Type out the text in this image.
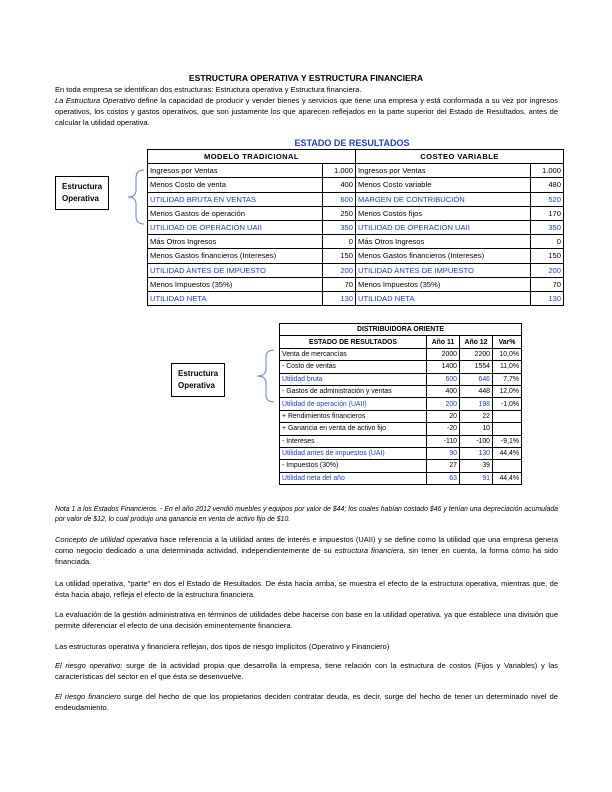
ESTRUCTURA OPERATIVA Y ESTRUCTURA FINANCIERA
En toda empresa se identifican dos estructuras: Estructura operativa y Estructura financiera.
La Estructura Operativo define la capacidad de producir y vender bienes y servicios que tiene una empresa y está conformada a su vez por ingresos operativos, los costos y gastos operativos, que son justamente los que aparecen reflejados en la parte superior del Estado de Resultados, antes de calcular la utilidad operativa.
ESTADO DE RESULTADOS
MODELO TRADICIONAL		COSTEO VARIABLE	
Ingresos por Ventas	1.000	Ingresos por Ventas	1.000
Menos Costo de venta	400	Menos Costo variable	480
UTILIDAD BRUTA EN VENTAS	600	MARGEN DE CONTRIBUCIÓN	520
Menos Gastos de operación	250	Menos Costos fijos	170
UTILIDAD DE OPERACIÓN UAII	350	UTILIDAD DE OPERACIÓN UAII	350
Más Otros Ingresos	0	Más Otros Ingresos	0
Menos Gastos financieros (Intereses)	150	Menos Gastos financieros (Intereses)	150
UTILIDAD ANTES DE IMPUESTO	200	UTILIDAD ANTES DE IMPUESTO	200
Menos Impuestos (35%)	70	Menos Impuestos (35%)	70
UTILIDAD NETA	130	UTILIDAD NETA	130
Estructura
Operativa
DISTRIBUIDORA ORIENTE			
ESTADO DE RESULTADOS	Año 11	Año 12	Var%
Venta de mercancías	2000	2200	10,0%
- Costo de ventas	1400	1554	11,0%
Utilidad bruta	600	646	7,7%
- Gastos de administración y ventas	400	448	12,0%
Utilidad de operación (UAII)	200	198	-1,0%
+ Rendimientos financieros	20	22	
+ Ganancia en venta de activo fijo	-20	10	
- Intereses	-110	-100	-9,1%
Utilidad antes de impuestos (UAI)	90	130	44,4%
- Impuestos (30%)	27	39	
Utilidad neta del año	63	91	44,4%
Estructura
Operativa
Nota 1 a los Estados Financieros. - En el año 2012 vendió muebles y equipos por valor de $44; los cuales habían costado $46 y tenían una depreciación acumulada por valor de $12, lo cual produjo una ganancia en venta de activo fijo de $10.
Concepto de utilidad operativa hace referencia a la utilidad antes de interés e impuestos (UAII) y se define como la utilidad que una empresa genera como negocio dedicado a una determinada actividad, independientemente de su estructura financiera, sin tener en cuenta, la forma cómo ha sido financiada.
La utilidad operativa, "parte" en dos el Estado de Resultados. De ésta hacia arriba, se muestra el efecto de la estructura operativa, mientras que, de ésta hacia abajo, refleja el efecto de la estructura financiera.
La evaluación de la gestión administrativa en términos de utilidades debe hacerse con base en la utilidad operativa. ya que establece una división que permite diferenciar el efecto de una decisión eminentemente financiera.
Las estructuras operativa y financiera reflejan, dos tipos de riesgo implícitos (Operativo y Financiero)
El riesgo operativo: surge de la actividad propia que desarrolla la empresa, tiene relación con la estructura de costos (Fijos y Variables) y las características del sector en el que ésta se desenvuelve.
El riesgo financiero surge del hecho de que los propietarios deciden contratar deuda, es decir, surge del hecho de tener un determinado nivel de endeudamiento.
